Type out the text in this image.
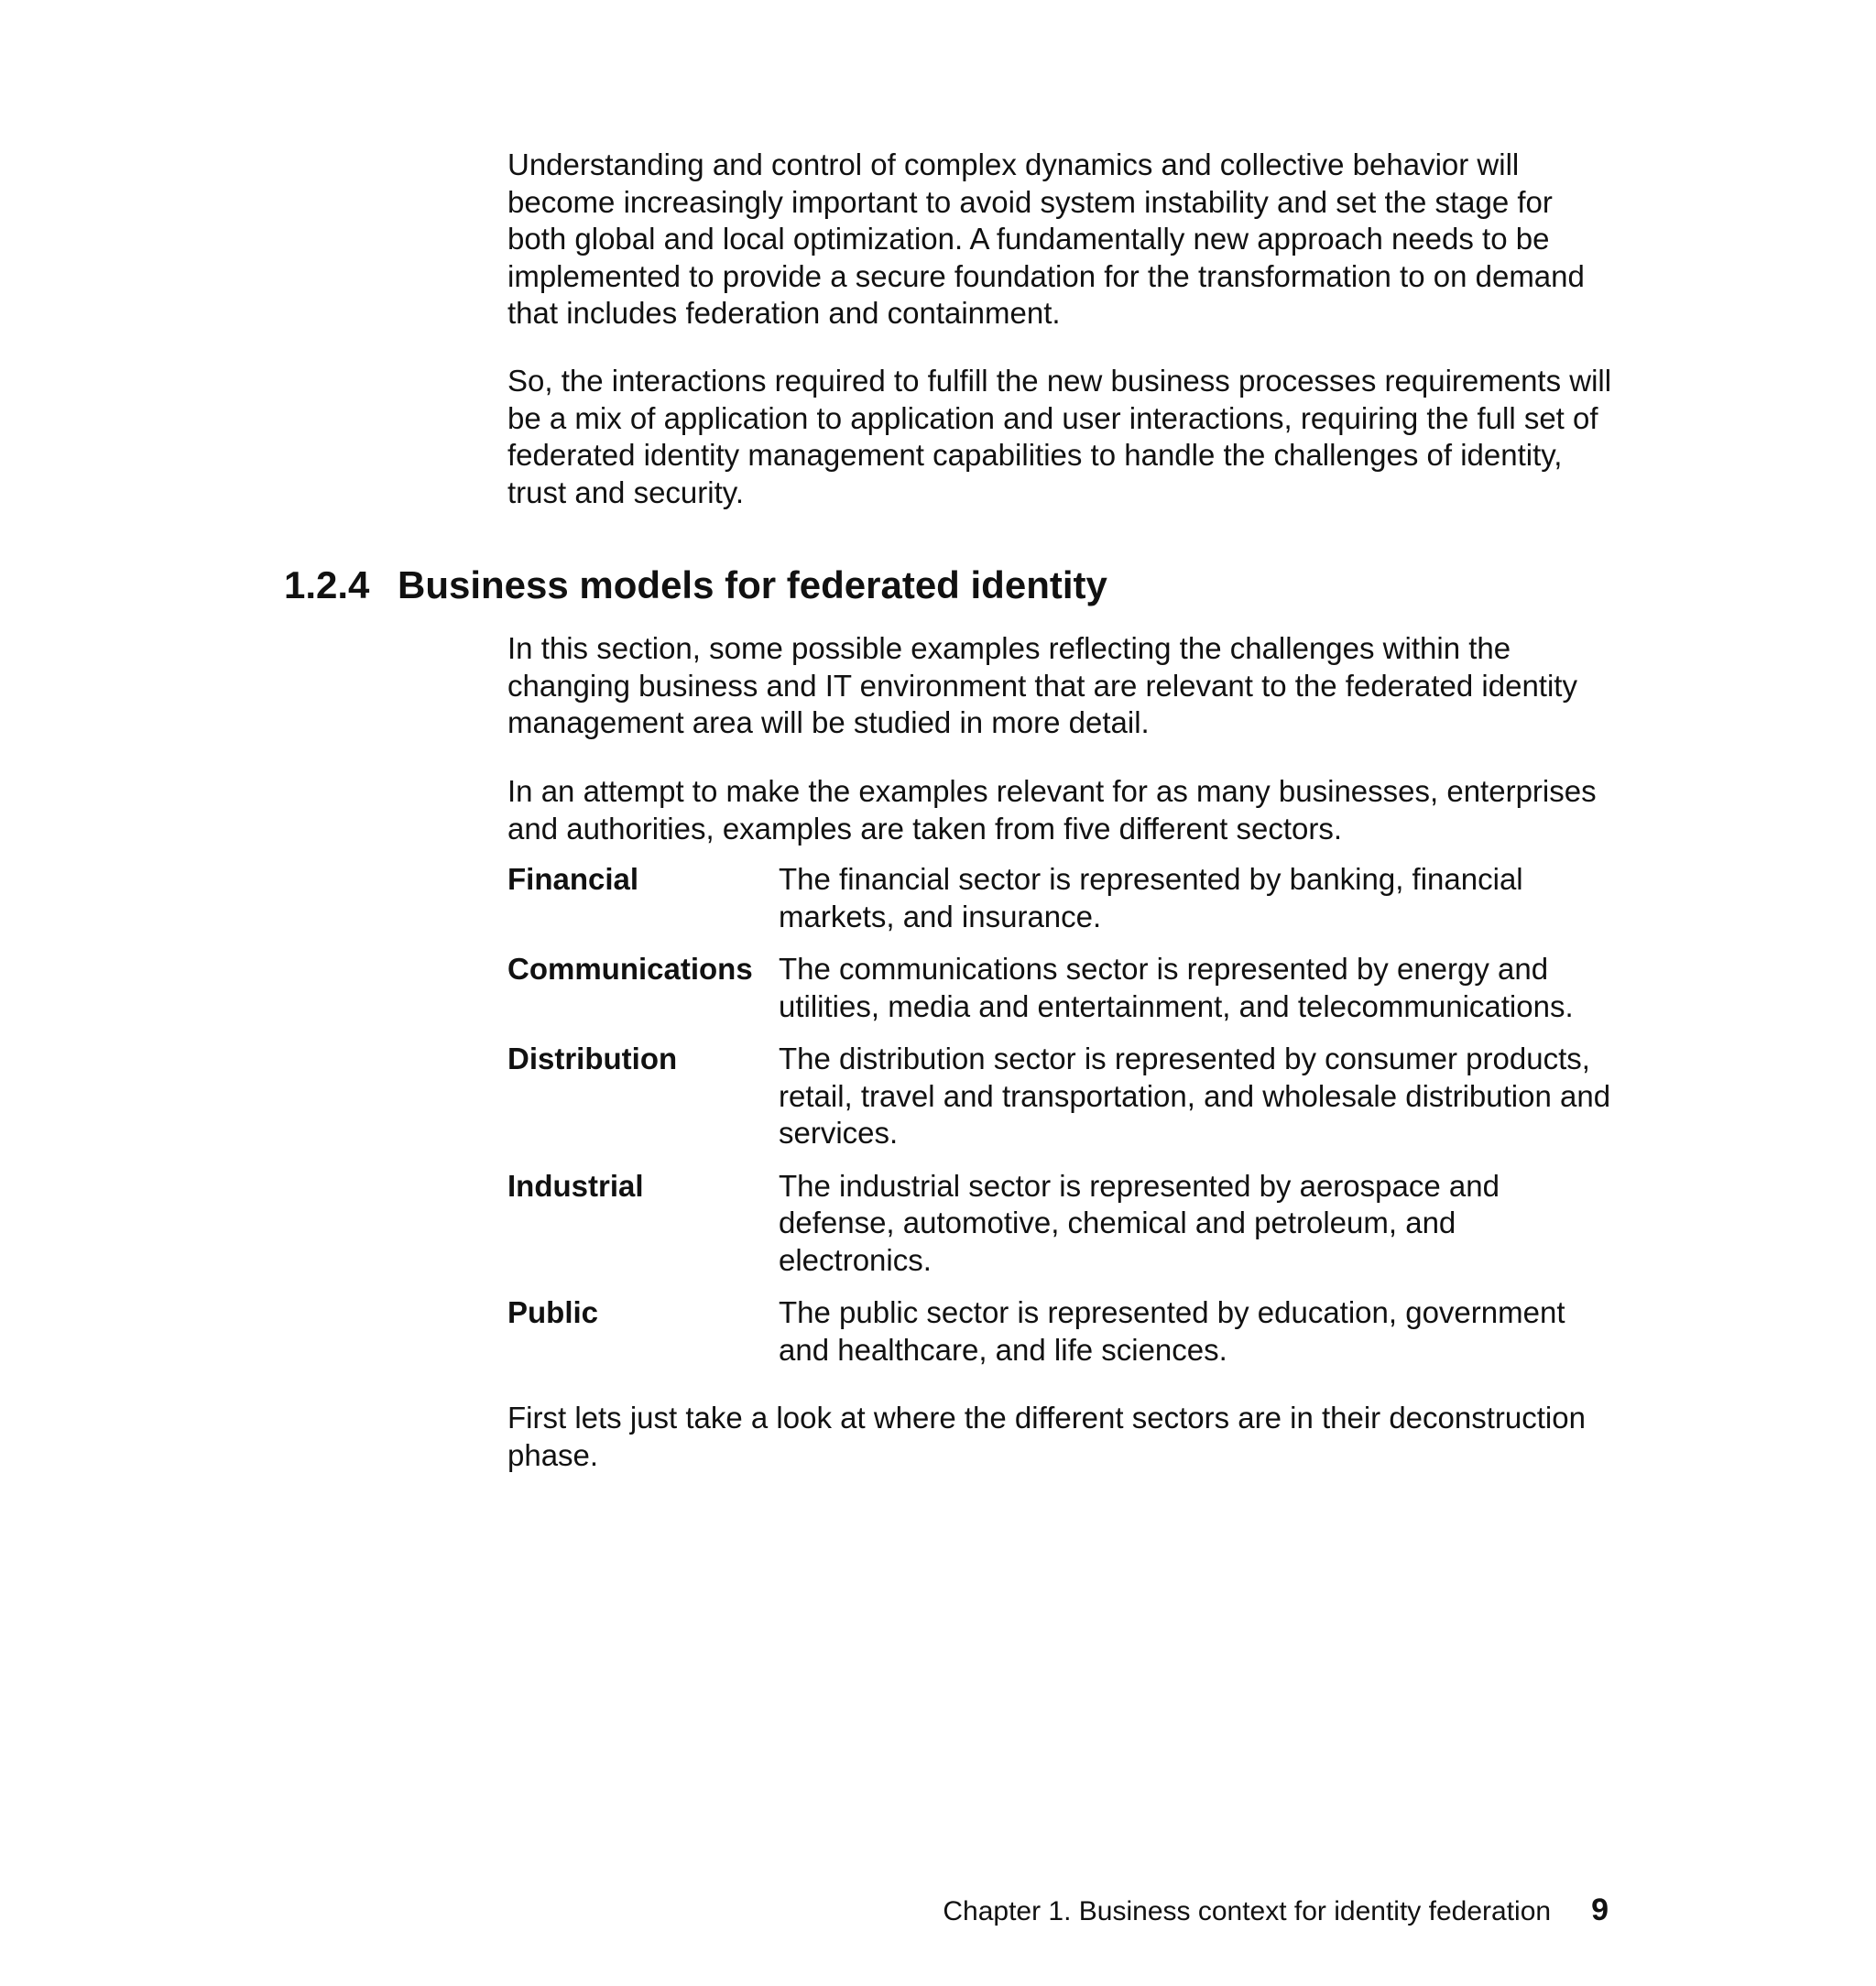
Understanding and control of complex dynamics and collective behavior will become increasingly important to avoid system instability and set the stage for both global and local optimization. A fundamentally new approach needs to be implemented to provide a secure foundation for the transformation to on demand that includes federation and containment.

So, the interactions required to fulfill the new business processes requirements will be a mix of application to application and user interactions, requiring the full set of federated identity management capabilities to handle the challenges of identity, trust and security.

1.2.4 Business models for federated identity

In this section, some possible examples reflecting the challenges within the changing business and IT environment that are relevant to the federated identity management area will be studied in more detail.

In an attempt to make the examples relevant for as many businesses, enterprises and authorities, examples are taken from five different sectors.

Financial	The financial sector is represented by banking, financial markets, and insurance.
Communications The communications sector is represented by energy and utilities, media and entertainment, and telecommunications.
Distribution	The distribution sector is represented by consumer products, retail, travel and transportation, and wholesale distribution and services.
Industrial	The industrial sector is represented by aerospace and defense, automotive, chemical and petroleum, and electronics.
Public	The public sector is represented by education, government and healthcare, and life sciences.

First lets just take a look at where the different sectors are in their deconstruction phase.

Chapter 1. Business context for identity federation 9
